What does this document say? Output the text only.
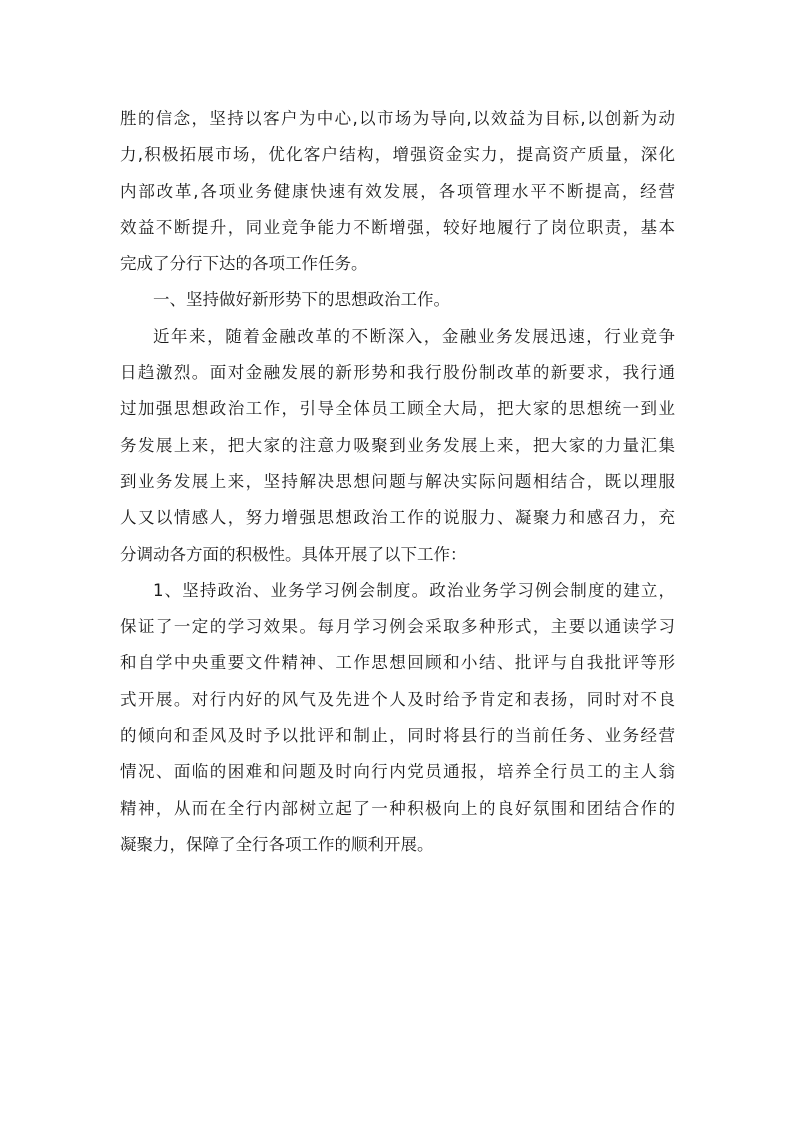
胜的信念，坚持以客户为中心,以市场为导向,以效益为目标,以创新为动
力,积极拓展市场，优化客户结构，增强资金实力，提高资产质量，深化
内部改革,各项业务健康快速有效发展，各项管理水平不断提高，经营
效益不断提升，同业竞争能力不断增强，较好地履行了岗位职责，基本
完成了分行下达的各项工作任务。
一、坚持做好新形势下的思想政治工作。
近年来，随着金融改革的不断深入，金融业务发展迅速，行业竞争
日趋激烈。面对金融发展的新形势和我行股份制改革的新要求，我行通
过加强思想政治工作，引导全体员工顾全大局，把大家的思想统一到业
务发展上来，把大家的注意力吸聚到业务发展上来，把大家的力量汇集
到业务发展上来，坚持解决思想问题与解决实际问题相结合，既以理服
人又以情感人，努力增强思想政治工作的说服力、凝聚力和感召力，充
分调动各方面的积极性。具体开展了以下工作：
1、坚持政治、业务学习例会制度。政治业务学习例会制度的建立，
保证了一定的学习效果。每月学习例会采取多种形式，主要以通读学习
和自学中央重要文件精神、工作思想回顾和小结、批评与自我批评等形
式开展。对行内好的风气及先进个人及时给予肯定和表扬，同时对不良
的倾向和歪风及时予以批评和制止，同时将县行的当前任务、业务经营
情况、面临的困难和问题及时向行内党员通报，培养全行员工的主人翁
精神，从而在全行内部树立起了一种积极向上的良好氛围和团结合作的
凝聚力，保障了全行各项工作的顺利开展。
